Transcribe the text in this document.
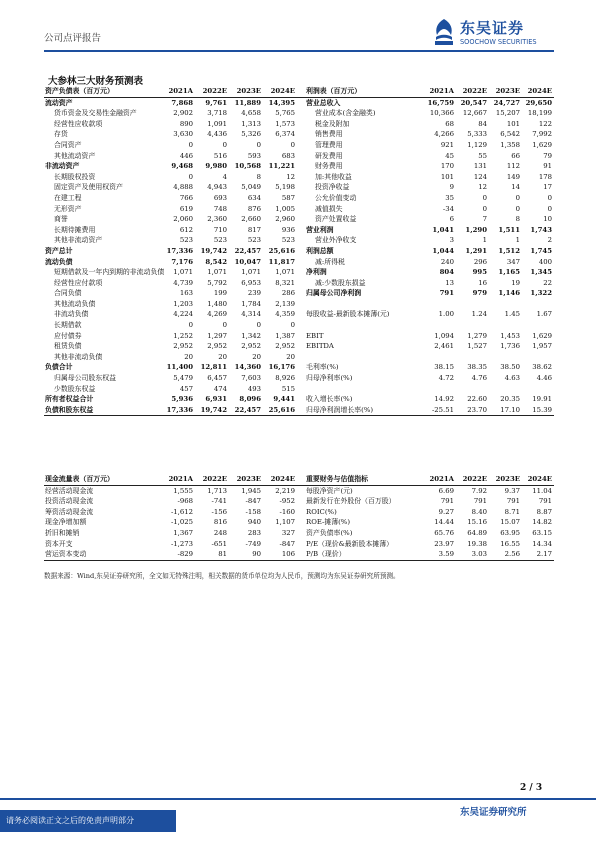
公司点评报告
东吴证券
SOOCHOW SECURITIES
大参林三大财务预测表
资产负债表（百万元）	2021A	2022E	2023E	2024E		利润表（百万元）	2021A	2022E	2023E	2024E
流动资产	7,868	9,761	11,889	14,395		营业总收入	16,759	20,547	24,727	29,650
货币资金及交易性金融资产	2,902	3,718	4,658	5,765		营业成本(含金融类)	10,366	12,667	15,207	18,199
经营性应收款项	890	1,091	1,313	1,573		税金及附加	68	84	101	122
存货	3,630	4,436	5,326	6,374		销售费用	4,266	5,333	6,542	7,992
合同资产	0	0	0	0		管理费用	921	1,129	1,358	1,629
其他流动资产	446	516	593	683		研发费用	45	55	66	79
非流动资产	9,468	9,980	10,568	11,221		财务费用	170	131	112	91
长期股权投资	0	4	8	12		加:其他收益	101	124	149	178
固定资产及使用权资产	4,888	4,943	5,049	5,198		投资净收益	9	12	14	17
在建工程	766	693	634	587		公允价值变动	35	0	0	0
无形资产	619	748	876	1,005		减值损失	-34	0	0	0
商誉	2,060	2,360	2,660	2,960		资产处置收益	6	7	8	10
长期待摊费用	612	710	817	936		营业利润	1,041	1,290	1,511	1,743
其他非流动资产	523	523	523	523		营业外净收支	3	1	1	2
资产总计	17,336	19,742	22,457	25,616		利润总额	1,044	1,291	1,512	1,745
流动负债	7,176	8,542	10,047	11,817		减:所得税	240	296	347	400
短期借款及一年内到期的非流动负债	1,071	1,071	1,071	1,071		净利润	804	995	1,165	1,345
经营性应付款项	4,739	5,792	6,953	8,321		减:少数股东损益	13	16	19	22
合同负债	163	199	239	286		归属母公司净利润	791	979	1,146	1,322
其他流动负债	1,203	1,480	1,784	2,139						
非流动负债	4,224	4,269	4,314	4,359		每股收益-最新股本摊薄(元)	1.00	1.24	1.45	1.67
长期借款	0	0	0	0						
应付债券	1,252	1,297	1,342	1,387		EBIT	1,094	1,279	1,453	1,629
租赁负债	2,952	2,952	2,952	2,952		EBITDA	2,461	1,527	1,736	1,957
其他非流动负债	20	20	20	20						
负债合计	11,400	12,811	14,360	16,176		毛利率(%)	38.15	38.35	38.50	38.62
归属母公司股东权益	5,479	6,457	7,603	8,926		归母净利率(%)	4.72	4.76	4.63	4.46
少数股东权益	457	474	493	515						
所有者权益合计	5,936	6,931	8,096	9,441		收入增长率(%)	14.92	22.60	20.35	19.91
负债和股东权益	17,336	19,742	22,457	25,616		归母净利润增长率(%)	-25.51	23.70	17.10	15.39
现金流量表（百万元）	2021A	2022E	2023E	2024E		重要财务与估值指标	2021A	2022E	2023E	2024E
经营活动现金流	1,555	1,713	1,945	2,219		每股净资产(元)	6.69	7.92	9.37	11.04
投资活动现金流	-968	-741	-847	-952		最新发行在外股份（百万股）	791	791	791	791
筹资活动现金流	-1,612	-156	-158	-160		ROIC(%)	9.27	8.40	8.71	8.87
现金净增加额	-1,025	816	940	1,107		ROE-摊薄(%)	14.44	15.16	15.07	14.82
折旧和摊销	1,367	248	283	327		资产负债率(%)	65.76	64.89	63.95	63.15
资本开支	-1,273	-651	-749	-847		P/E（现价&最新股本摊薄）	23.97	19.38	16.55	14.34
营运资本变动	-829	81	90	106		P/B（现价）	3.59	3.03	2.56	2.17
数据来源：Wind,东吴证券研究所，全文如无特殊注明，相关数据的货币单位均为人民币，预测均为东吴证券研究所预测。
2 / 3
东吴证券研究所
请务必阅读正文之后的免责声明部分
